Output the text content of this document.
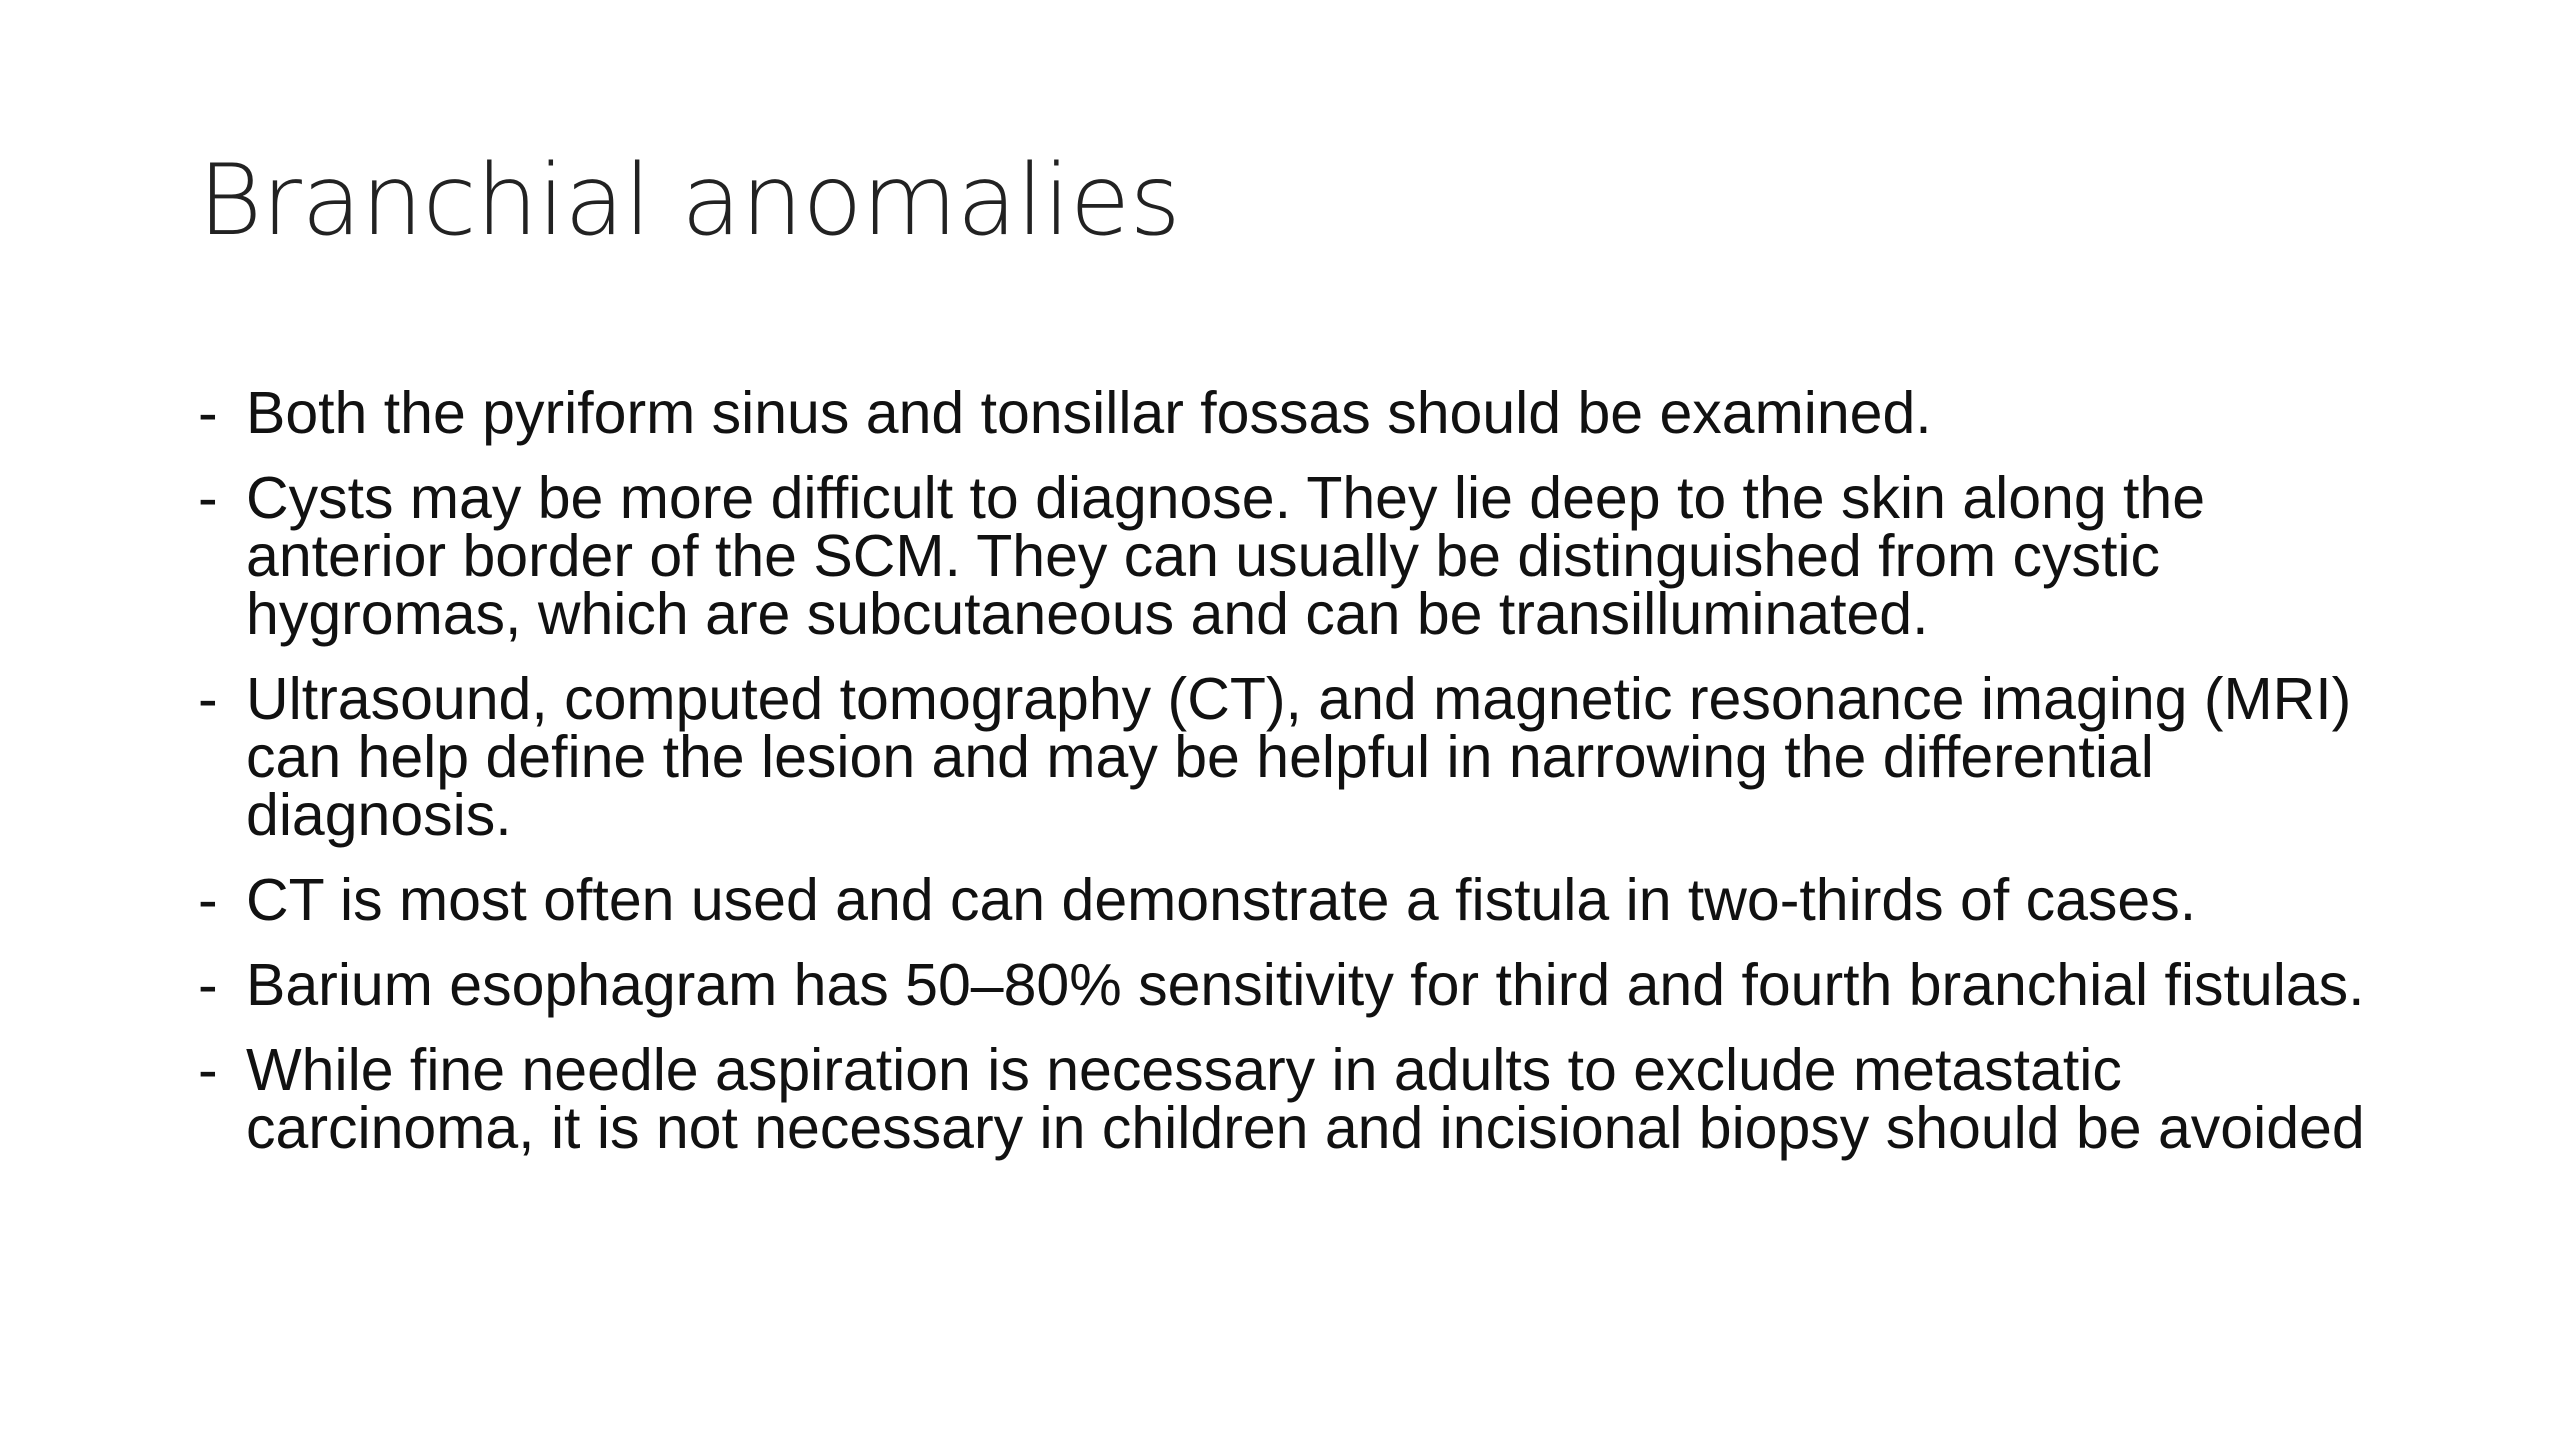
Branchial anomalies
- Both the pyriform sinus and tonsillar fossas should be examined.
- Cysts may be more difficult to diagnose. They lie deep to the skin along the anterior border of the SCM. They can usually be distinguished from cystic hygromas, which are subcutaneous and can be transilluminated.
- Ultrasound, computed tomography (CT), and magnetic resonance imaging (MRI) can help define the lesion and may be helpful in narrowing the differential diagnosis.
- CT is most often used and can demonstrate a fistula in two-thirds of cases.
- Barium esophagram has 50–80% sensitivity for third and fourth branchial fistulas.
- While fine needle aspiration is necessary in adults to exclude metastatic carcinoma, it is not necessary in children and incisional biopsy should be avoided
